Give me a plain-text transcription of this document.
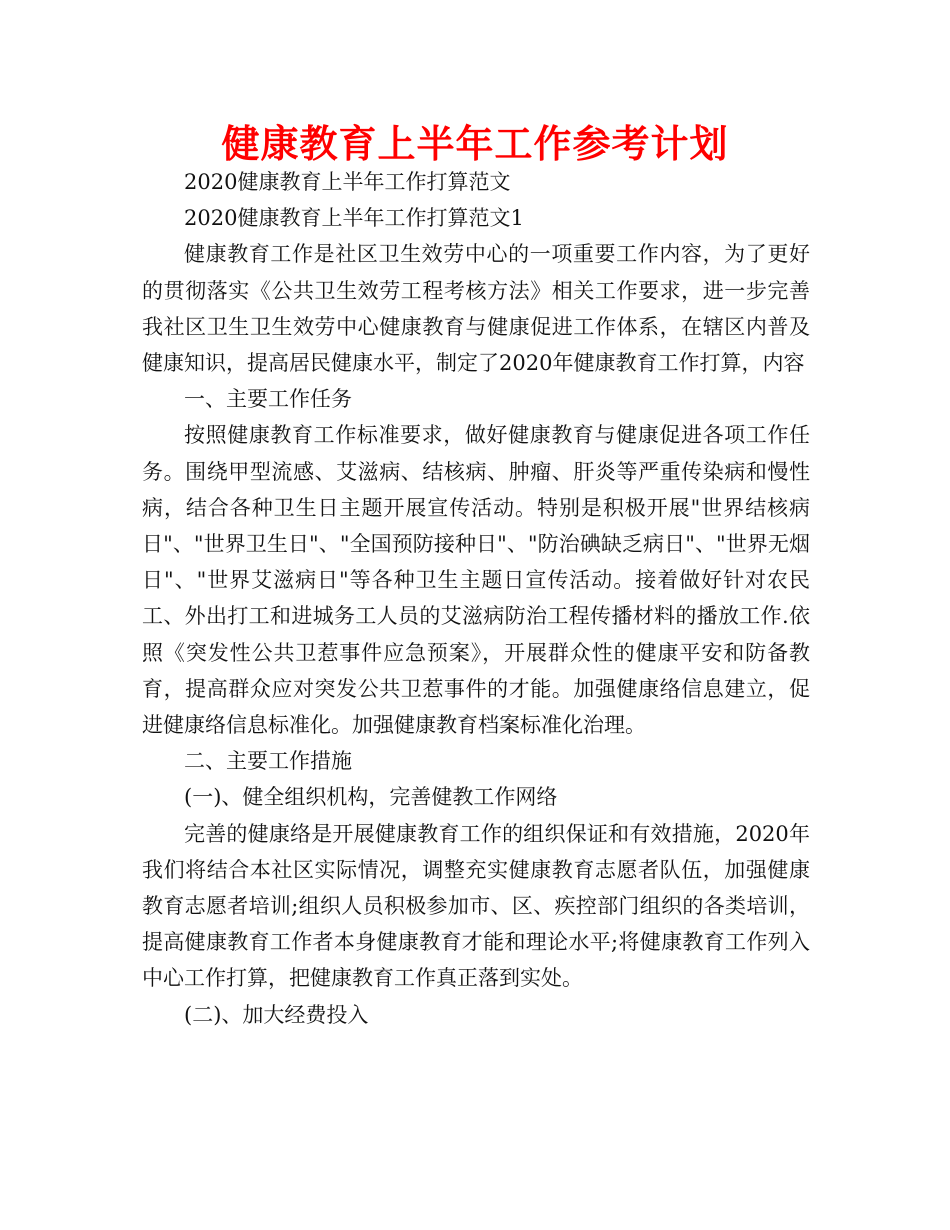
健康教育上半年工作参考计划

2020健康教育上半年工作打算范文

2020健康教育上半年工作打算范文1

健康教育工作是社区卫生效劳中心的一项重要工作内容，为了更好的贯彻落实《公共卫生效劳工程考核方法》相关工作要求，进一步完善我社区卫生卫生效劳中心健康教育与健康促进工作体系，在辖区内普及健康知识，提高居民健康水平，制定了2020年健康教育工作打算，内容

一、主要工作任务

按照健康教育工作标准要求，做好健康教育与健康促进各项工作任务。围绕甲型流感、艾滋病、结核病、肿瘤、肝炎等严重传染病和慢性病，结合各种卫生日主题开展宣传活动。特别是积极开展"世界结核病日"、"世界卫生日"、"全国预防接种日"、"防治碘缺乏病日"、"世界无烟日"、"世界艾滋病日"等各种卫生主题日宣传活动。接着做好针对农民工、外出打工和进城务工人员的艾滋病防治工程传播材料的播放工作.依照《突发性公共卫惹事件应急预案》，开展群众性的健康平安和防备教育，提高群众应对突发公共卫惹事件的才能。加强健康络信息建立，促进健康络信息标准化。加强健康教育档案标准化治理。

二、主要工作措施

(一)、健全组织机构，完善健教工作网络

完善的健康络是开展健康教育工作的组织保证和有效措施，2020年我们将结合本社区实际情况，调整充实健康教育志愿者队伍，加强健康教育志愿者培训;组织人员积极参加市、区、疾控部门组织的各类培训，提高健康教育工作者本身健康教育才能和理论水平;将健康教育工作列入中心工作打算，把健康教育工作真正落到实处。

(二)、加大经费投入
